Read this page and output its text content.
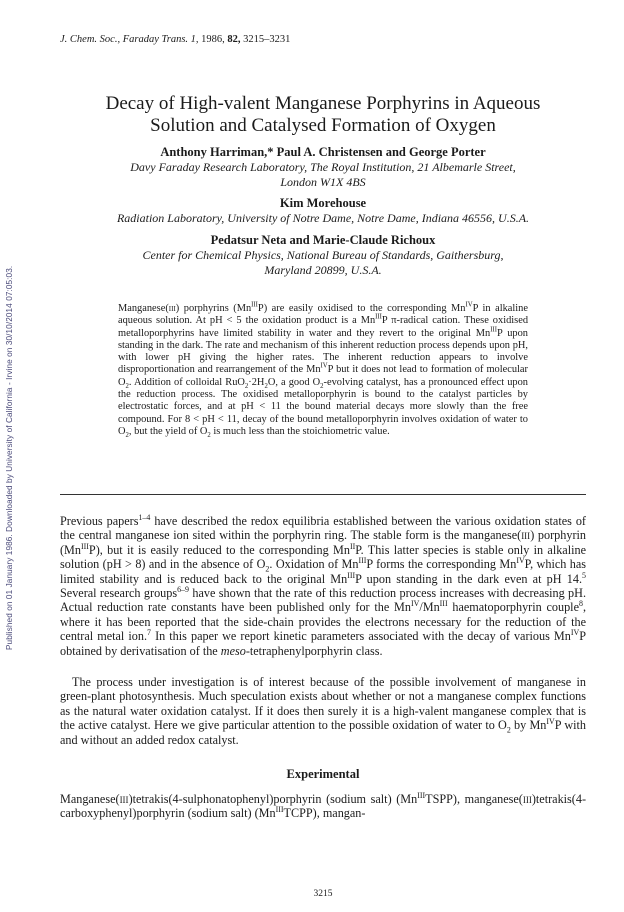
Published on 01 January 1986. Downloaded by University of California - Irvine on 30/10/2014 07:05:03.
J. Chem. Soc., Faraday Trans. 1, 1986, 82, 3215–3231
Decay of High-valent Manganese Porphyrins in Aqueous
Solution and Catalysed Formation of Oxygen
Anthony Harriman,* Paul A. Christensen and George Porter
Davy Faraday Research Laboratory, The Royal Institution, 21 Albemarle Street,
London W1X 4BS
Kim Morehouse
Radiation Laboratory, University of Notre Dame, Notre Dame, Indiana 46556, U.S.A.
Pedatsur Neta and Marie-Claude Richoux
Center for Chemical Physics, National Bureau of Standards, Gaithersburg,
Maryland 20899, U.S.A.

Manganese(iii) porphyrins $(Mn^{III}P)$ are easily oxidised to the corresponding $Mn^{IV}P$ in alkaline aqueous solution. At pH < 5 the oxidation product is a $Mn^{III}P$ π-radical cation. These oxidised metalloporphyrins have limited stability in water and they revert to the original $Mn^{III}P$ upon standing in the dark. The rate and mechanism of this inherent reduction process depends upon pH, with lower pH giving the higher rates. The inherent reduction appears to involve disproportionation and rearrangement of the $Mn^{IV}P$ but it does not lead to formation of molecular $O_2$. Addition of colloidal $RuO_2\cdot 2H_2O$, a good $O_2$-evolving catalyst, has a pronounced effect upon the reduction process. The oxidised metalloporphyrin is bound to the catalyst particles by electrostatic forces, and at pH < 11 the bound material decays more slowly than the free compound. For 8 < pH < 11, decay of the bound metalloporphyrin involves oxidation of water to $O_2$, but the yield of $O_2$ is much less than the stoichiometric value.

Previous papers$^{1-4}$ have described the redox equilibria established between the various oxidation states of the central manganese ion sited within the porphyrin ring. The stable form is the manganese(iii) porphyrin $(Mn^{III}P)$, but it is easily reduced to the corresponding $Mn^{II}P$. This latter species is stable only in alkaline solution (pH > 8) and in the absence of $O_2$. Oxidation of $Mn^{III}P$ forms the corresponding $Mn^{IV}P$, which has limited stability and is reduced back to the original $Mn^{III}P$ upon standing in the dark even at pH 14.$^5$ Several research groups$^{6-9}$ have shown that the rate of this reduction process increases with decreasing pH. Actual reduction rate constants have been published only for the $Mn^{IV}/Mn^{III}$ haematoporphyrin couple$^8$, where it has been reported that the side-chain provides the electrons necessary for the reduction of the central metal ion.$^7$ In this paper we report kinetic parameters associated with the decay of various $Mn^{IV}P$ obtained by derivatisation of the meso-tetraphenylporphyrin class.

The process under investigation is of interest because of the possible involvement of manganese in green-plant photosynthesis. Much speculation exists about whether or not a manganese complex functions as the natural water oxidation catalyst. If it does then surely it is a high-valent manganese complex that is the active catalyst. Here we give particular attention to the possible oxidation of water to $O_2$ by $Mn^{IV}P$ with and without an added redox catalyst.

Experimental

Manganese(iii)tetrakis(4-sulphonatophenyl)porphyrin (sodium salt) $(Mn^{III}TSPP)$, manganese(iii)tetrakis(4-carboxyphenyl)porphyrin (sodium salt) $(Mn^{III}TCPP)$, mangan-

3215
